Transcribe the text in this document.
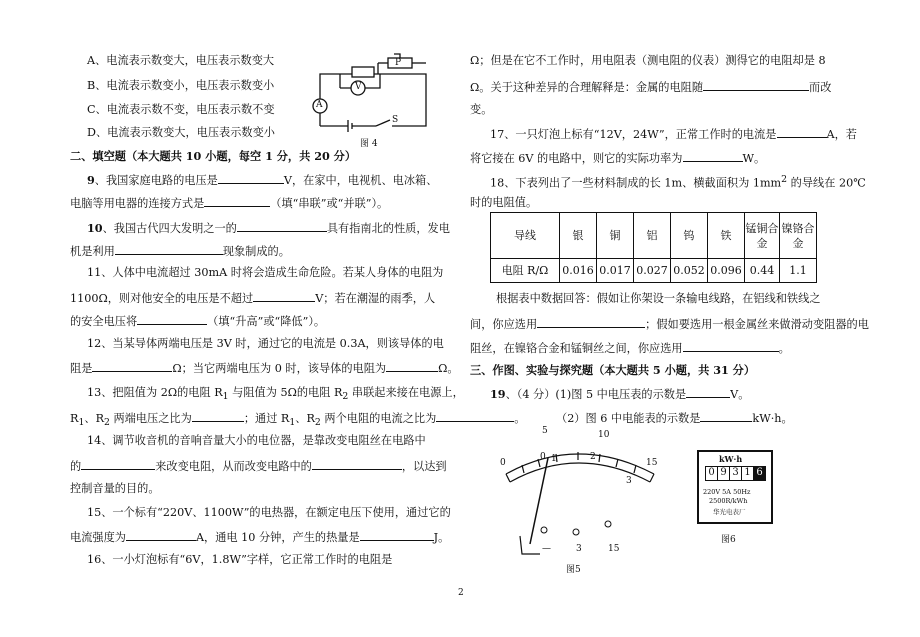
A、电流表示数变大，电压表示数变大
B、电流表示数变小，电压表示数变小
C、电流表示数不变，电压表示数不变
D、电流表示数变大，电压表示数变小
A
V
P
S
图 4
二、填空题（本大题共 10 小题，每空 1 分，共 20 分）
9、我国家庭电路的电压是	V，在家中，电视机、电冰箱、
电脑等用电器的连接方式是	（填“串联”或“并联”）。
10、我国古代四大发明之一的	具有指南北的性质，发电
机是利用	现象制成的。
11、人体中电流超过 30mA 时将会造成生命危险。若某人身体的电阻为
1100Ω，则对他安全的电压是不超过	V；若在潮湿的雨季，人
的安全电压将	（填“升高”或“降低”）。
12、当某导体两端电压是 3V 时，通过它的电流是 0.3A，则该导体的电
阻是	Ω；当它两端电压为 0 时，该导体的电阻为	Ω。
13、把阻值为 2Ω的电阻 $R_1$ 与阻值为 5Ω的电阻 $R_2$ 串联起来接在电源上，
$R_1$、$R_2$ 两端电压之比为	；通过 $R_1$、$R_2$ 两个电阻的电流之比为	。
14、调节收音机的音响音量大小的电位器，是靠改变电阻丝在电路中
的	来改变电阻，从而改变电路中的	，以达到
控制音量的目的。
15、一个标有“220V、1100W”的电热器，在额定电压下使用，通过它的
电流强度为	A，通电 10 分钟，产生的热量是	J。
16、一小灯泡标有“6V，1.8W”字样，它正常工作时的电阻是
Ω；但是在它不工作时，用电阻表（测电阻的仪表）测得它的电阻却是 8
Ω。关于这种差异的合理解释是：金属的电阻随	而改
变。
17、一只灯泡上标有“12V，24W”，正常工作时的电流是	A，若
将它接在 6V 的电路中，则它的实际功率为	W。
18、下表列出了一些材料制成的长 1m、横截面积为 $1mm^2$ 的导线在 20℃
时的电阻值。
导线	银	铜	铝	钨	铁	锰铜合金	镍铬合金
电阻 R/Ω	0.016	0.017	0.027	0.052	0.096	0.44	1.1
根据表中数据回答：假如让你架设一条输电线路，在铝线和铁线之
间，你应选用	；假如要选用一根金属丝来做滑动变阻器的电
阻丝，在镍铬合金和锰铜丝之间，你应选用	。
三、作图、实验与探究题（本大题共 5 小题，共 31 分）
19、（4 分）(1)图 5 中电压表的示数是	V。
（2）图 6 中电能表的示数是	kW·h。
0 1	2
3
0
5	10
15
—	3	15
图5
kW·h
0 9 3 1 6
220V 5A 50Hz
2500R/kWh
华光电表厂
图6
2
